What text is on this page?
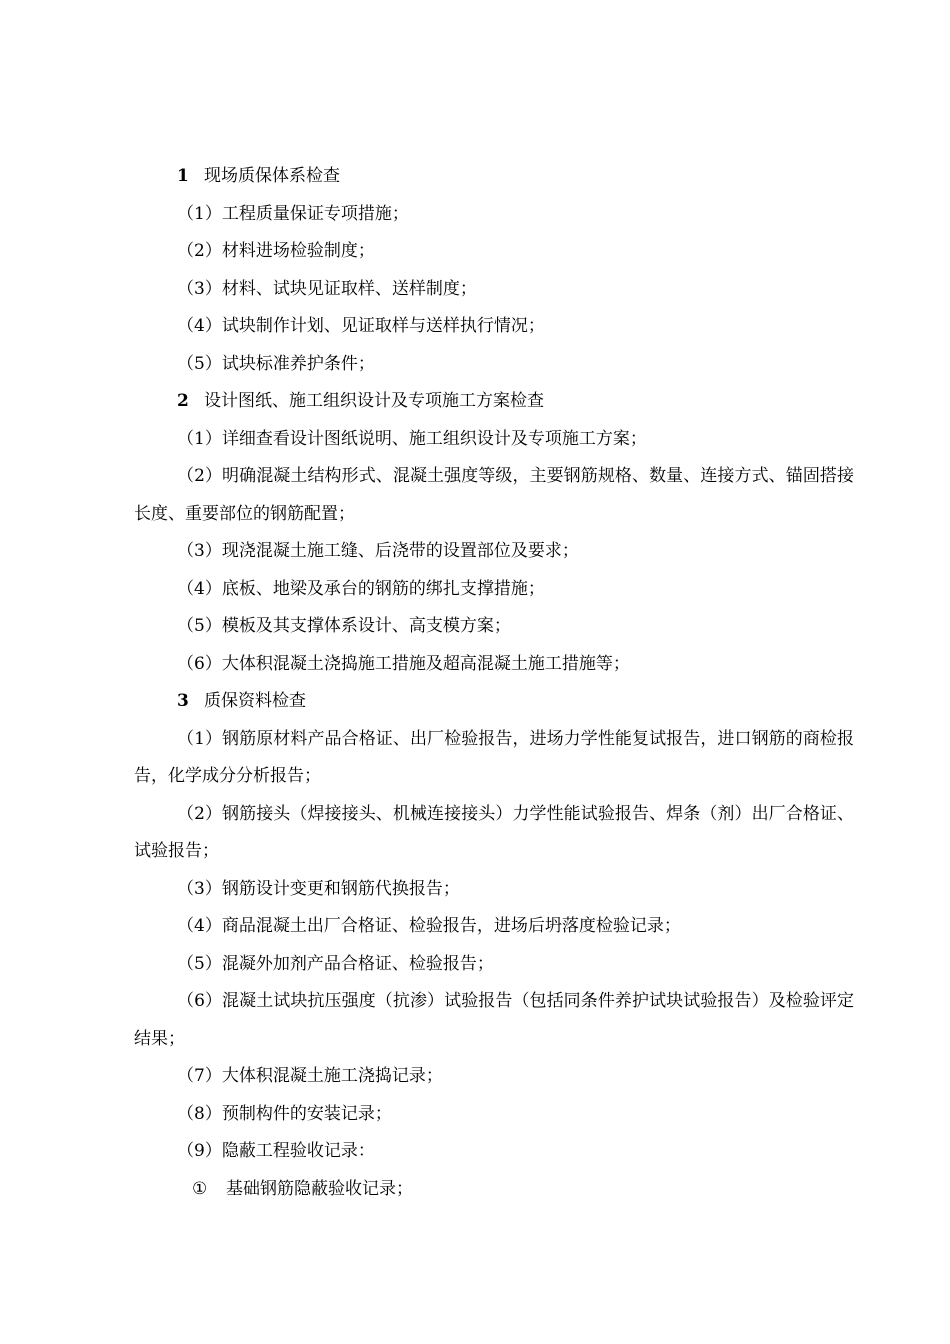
1 现场质保体系检查
（1）工程质量保证专项措施；
（2）材料进场检验制度；
（3）材料、试块见证取样、送样制度；
（4）试块制作计划、见证取样与送样执行情况；
（5）试块标准养护条件；
2 设计图纸、施工组织设计及专项施工方案检查
（1）详细查看设计图纸说明、施工组织设计及专项施工方案；
（2）明确混凝土结构形式、混凝土强度等级，主要钢筋规格、数量、连接方式、锚固搭接长度、重要部位的钢筋配置；
（3）现浇混凝土施工缝、后浇带的设置部位及要求；
（4）底板、地梁及承台的钢筋的绑扎支撑措施；
（5）模板及其支撑体系设计、高支模方案；
（6）大体积混凝土浇捣施工措施及超高混凝土施工措施等；
3 质保资料检查
（1）钢筋原材料产品合格证、出厂检验报告，进场力学性能复试报告，进口钢筋的商检报告，化学成分分析报告；
（2）钢筋接头（焊接接头、机械连接接头）力学性能试验报告、焊条（剂）出厂合格证、试验报告；
（3）钢筋设计变更和钢筋代换报告；
（4）商品混凝土出厂合格证、检验报告，进场后坍落度检验记录；
（5）混凝外加剂产品合格证、检验报告；
（6）混凝土试块抗压强度（抗渗）试验报告（包括同条件养护试块试验报告）及检验评定结果；
（7）大体积混凝土施工浇捣记录；
（8）预制构件的安装记录；
（9）隐蔽工程验收记录：
① 基础钢筋隐蔽验收记录；
